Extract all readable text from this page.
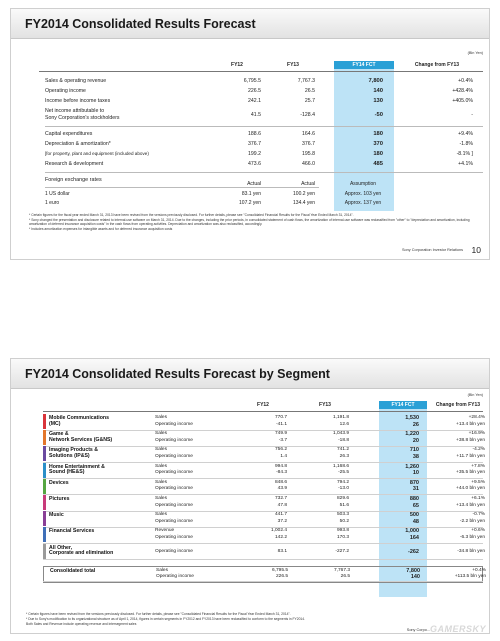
FY2014 Consolidated Results Forecast
(Bln Yen)
FY12	FY13	FY14 FCT	Change from FY13
Sales & operating revenue	6,795.5	7,767.3	7,800	+0.4%
Operating income	226.5	26.5	140	+428.4%
Income before income taxes	242.1	25.7	130	+405.0%
Net income attributable to
Sony Corporation's stockholders	41.5	-128.4	-50	-
Capital expenditures	188.6	164.6	180	+9.4%
Depreciation & amortization*	376.7	376.7	370	-1.8%
[for property, plant and equipment (included above)	199.2	195.8	180	-8.1% ]
Research & development	473.6	466.0	485	+4.1%
Foreign exchange rates
Actual	Actual	Assumption
1 US dollar	83.1 yen	100.2 yen	Approx. 103 yen
1 euro	107.2 yen	134.4 yen	Approx. 137 yen

* Certain figures for the fiscal year ended March 31, 2013 have been revised from the versions previously disclosed. For further details, please see "Consolidated Financial Results for the Fiscal Year Ended March 31, 2014".

* Sony changed the presentation and disclosure related to internal-use software on March 31, 2014. Due to the changes, including the prior periods, in consolidated statement of cash flows, the amortization of internal-use software was reclassified from "other" to "depreciation and amortization, including amortization of deferred insurance acquisition costs" in the cash flows from operating activities. Depreciation and amortization was also reclassified, accordingly.

* Includes amortization expenses for intangible assets and for deferred insurance acquisition costs

Sony Corporation Investor Relations 10
FY2014 Consolidated Results Forecast by Segment
(Bln Yen)
FY12	FY13	FY14 FCT	Change from FY13
Mobile Communications
(MC)
Sales	770.7	1,191.8	1,530	+28.4%
Operating income	-41.1	12.6	26	+13.4 bln yen
Game &
Network Services (G&NS)
Sales	749.9	1,043.9	1,220	+16.9%
Operating income	-3.7	-18.8	20	+38.8 bln yen
Imaging Products &
Solutions (IP&S)
Sales	756.2	741.2	710	-4.2%
Operating income	1.4	26.3	38	+11.7 bln yen
Home Entertainment &
Sound (HE&S)
Sales	994.8	1,168.6	1,260	+7.8%
Operating income	-84.3	-25.5	10	+35.5 bln yen
Devices	Sales	848.6	794.2	870	+9.5%
Operating income	43.9	-13.0	31	+44.0 bln yen
Pictures	Sales	732.7	829.6	880	+6.1%
Operating income	47.8	51.6	65	+13.4 bln yen
Music	Sales	441.7	503.3	500	-0.7%
Operating income	37.2	50.2	48	-2.2 bln yen
Financial Services	Revenue	1,002.4	993.8	1,000	+0.6%
Operating income	142.2	170.3	164	-6.3 bln yen
All Other,
Corporate and elimination	Operating income	83.1	-227.2	-262	-34.8 bln yen
Consolidated total	Sales	6,795.5	7,767.3	7,800	+0.4%
Operating income	226.5	26.5	140	+113.5 bln yen

* Certain figures have been revised from the versions previously disclosed. For further details, please see "Consolidated Financial Results for the Fiscal Year Ended March 31, 2014".

* Due to Sony's modification to its organizational structure as of April 1, 2014, figures in certain segments in FY2012 and FY2013 have been reclassified to conform to the segments in FY2014.

Both Sales and Revenue include operating revenue and intersegment sales

Sony Corpo... GAMERSKY
